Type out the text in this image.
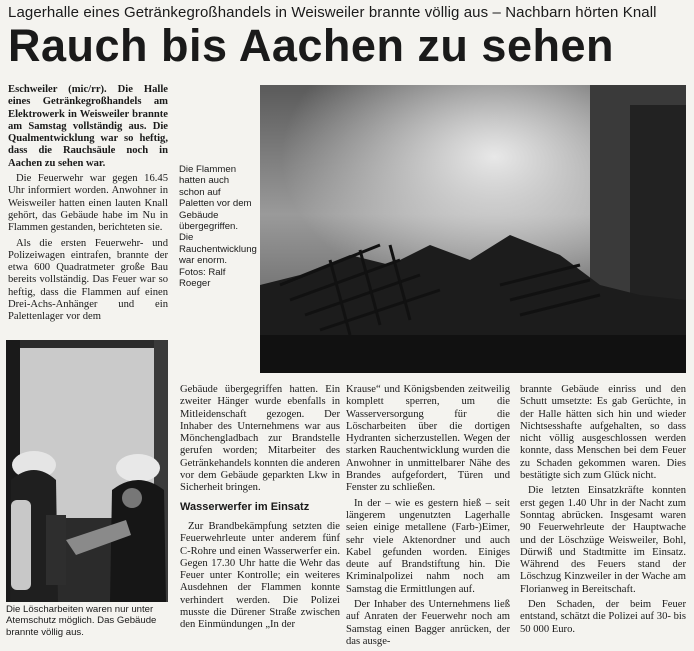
Lagerhalle eines Getränkegroßhandels in Weisweiler brannte völlig aus – Nachbarn hörten Knall
Rauch bis Aachen zu sehen

Eschweiler (mic/rr). Die Halle eines Getränkegroßhandels am Elektrowerk in Weisweiler brannte am Samstag vollständig aus. Die Qualmentwicklung war so heftig, dass die Rauchsäule noch in Aachen zu sehen war.

Die Feuerwehr war gegen 16.45 Uhr informiert worden. Anwohner in Weisweiler hatten einen lauten Knall gehört, das Gebäude habe im Nu in Flammen gestanden, berichteten sie.

Als die ersten Feuerwehr- und Polizeiwagen eintrafen, brannte der etwa 600 Quadratmeter große Bau bereits vollständig. Das Feuer war so heftig, dass die Flammen auf einen Drei-Achs-Anhänger und ein Palettenlager vor dem

Die Flammen hatten auch schon auf Paletten vor dem Gebäude übergegriffen. Die Rauchentwicklung war enorm. Fotos: Ralf Roeger
Die Löscharbeiten waren nur unter Atemschutz möglich. Das Gebäude brannte völlig aus.

Gebäude übergegriffen hatten. Ein zweiter Hänger wurde ebenfalls in Mitleidenschaft gezogen. Der Inhaber des Unternehmens war aus Mönchengladbach zur Brandstelle gerufen worden; Mitarbeiter des Getränkehandels konnten die anderen vor dem Gebäude geparkten Lkw in Sicherheit bringen.

Wasserwerfer im Einsatz

Zur Brandbekämpfung setzten die Feuerwehrleute unter anderem fünf C-Rohre und einen Wasserwerfer ein. Gegen 17.30 Uhr hatte die Wehr das Feuer unter Kontrolle; ein weiteres Ausdehnen der Flammen konnte verhindert werden. Die Polizei musste die Dürener Straße zwischen den Einmündungen „In der

Krause“ und Königsbenden zeitweilig komplett sperren, um die Wasserversorgung für die Löscharbeiten über die dortigen Hydranten sicherzustellen. Wegen der starken Rauchentwicklung wurden die Anwohner in unmittelbarer Nähe des Brandes aufgefordert, Türen und Fenster zu schließen.

In der – wie es gestern hieß – seit längerem ungenutzten Lagerhalle seien einige metallene (Farb-)Eimer, sehr viele Aktenordner und auch Kabel gefunden worden. Einiges deute auf Brandstiftung hin. Die Kriminalpolizei nahm noch am Samstag die Ermittlungen auf.

Der Inhaber des Unternehmens ließ auf Anraten der Feuerwehr noch am Samstag einen Bagger anrücken, der das ausge-

brannte Gebäude einriss und den Schutt umsetzte: Es gab Gerüchte, in der Halle hätten sich hin und wieder Nichtsesshafte aufgehalten, so dass nicht völlig ausgeschlossen werden konnte, dass Menschen bei dem Feuer zu Schaden gekommen waren. Dies bestätigte sich zum Glück nicht.

Die letzten Einsatzkräfte konnten erst gegen 1.40 Uhr in der Nacht zum Sonntag abrücken. Insgesamt waren 90 Feuerwehrleute der Hauptwache und der Löschzüge Weisweiler, Bohl, Dürwiß und Stadtmitte im Einsatz. Während des Feuers stand der Löschzug Kinzweiler in der Wache am Florianweg in Bereitschaft.

Den Schaden, der beim Feuer entstand, schätzt die Polizei auf 30- bis 50 000 Euro.
